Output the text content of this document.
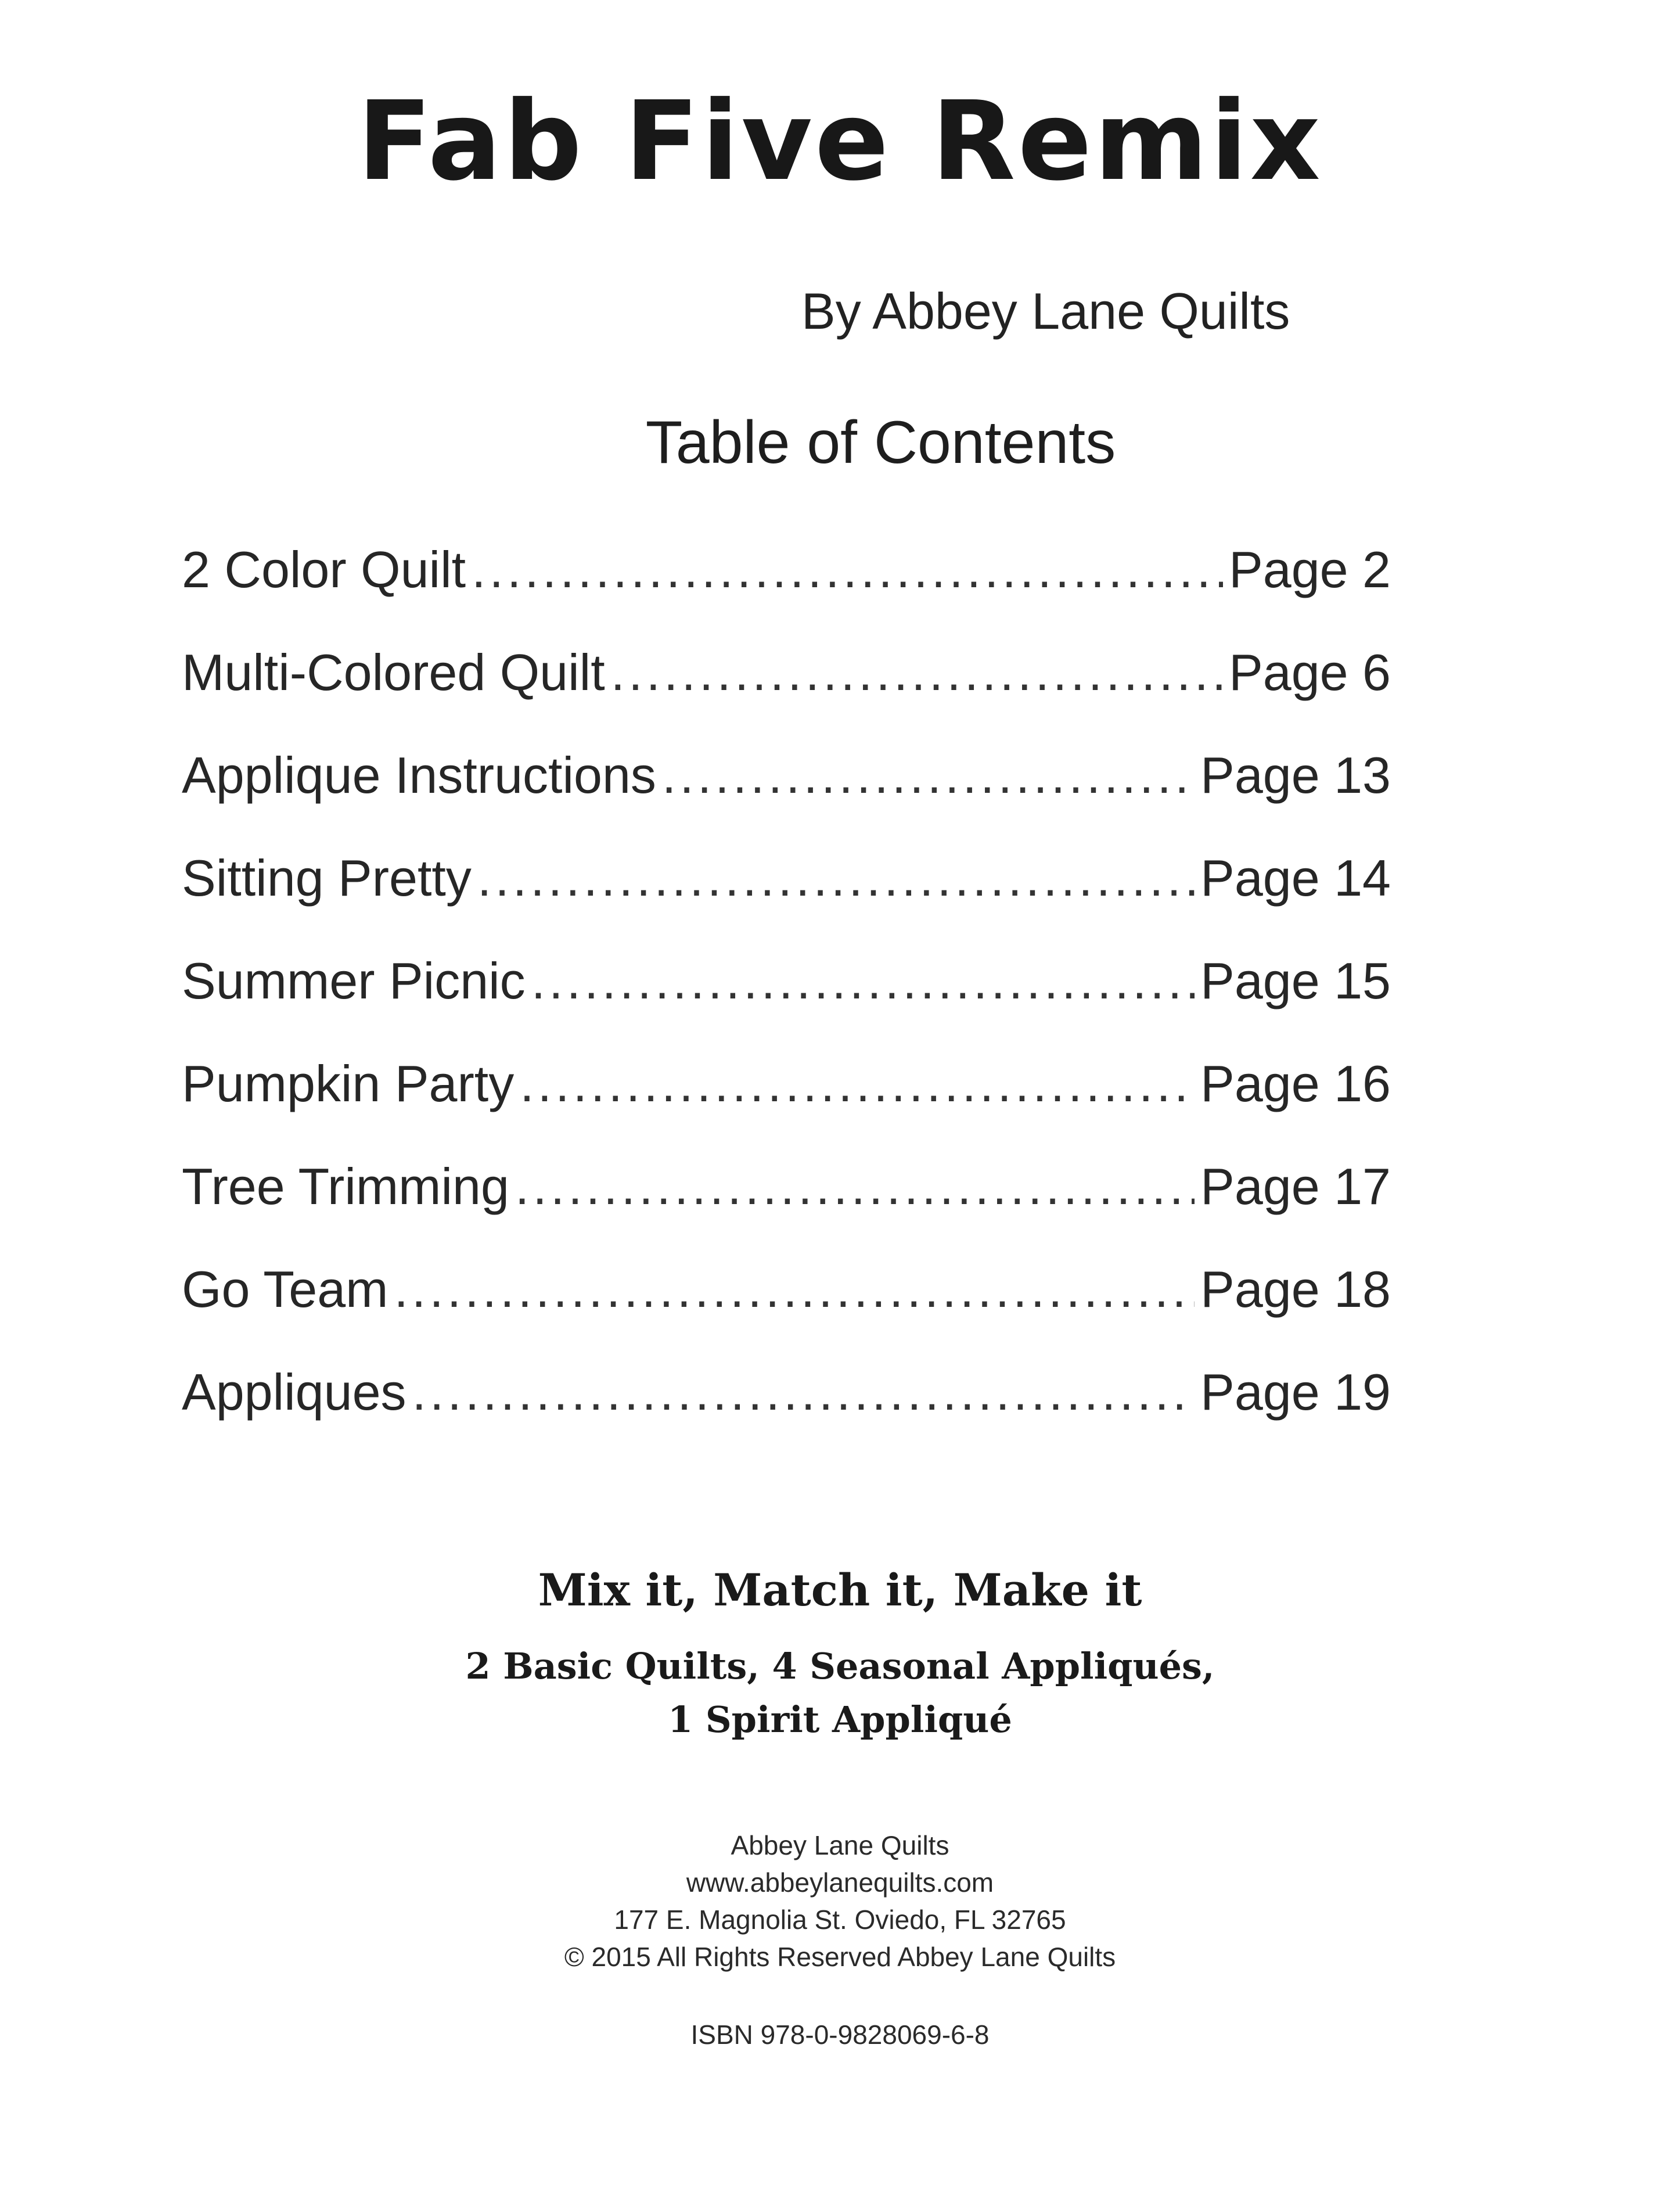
Fab Five Remix
By Abbey Lane Quilts
Table of Contents
2 Color Quilt .....	Page 2
Multi-Colored Quilt .....	Page 6
Applique Instructions .....	Page 13
Sitting Pretty .....	Page 14
Summer Picnic .....	Page 15
Pumpkin Party .....	Page 16
Tree Trimming .....	Page 17
Go Team .....	Page 18
Appliques .....	Page 19
Mix it, Match it, Make it
2 Basic Quilts, 4 Seasonal Appliqués,
1 Spirit Appliqué
Abbey Lane Quilts
www.abbeylanequilts.com
177 E. Magnolia St. Oviedo, FL 32765
© 2015 All Rights Reserved Abbey Lane Quilts
ISBN 978-0-9828069-6-8
